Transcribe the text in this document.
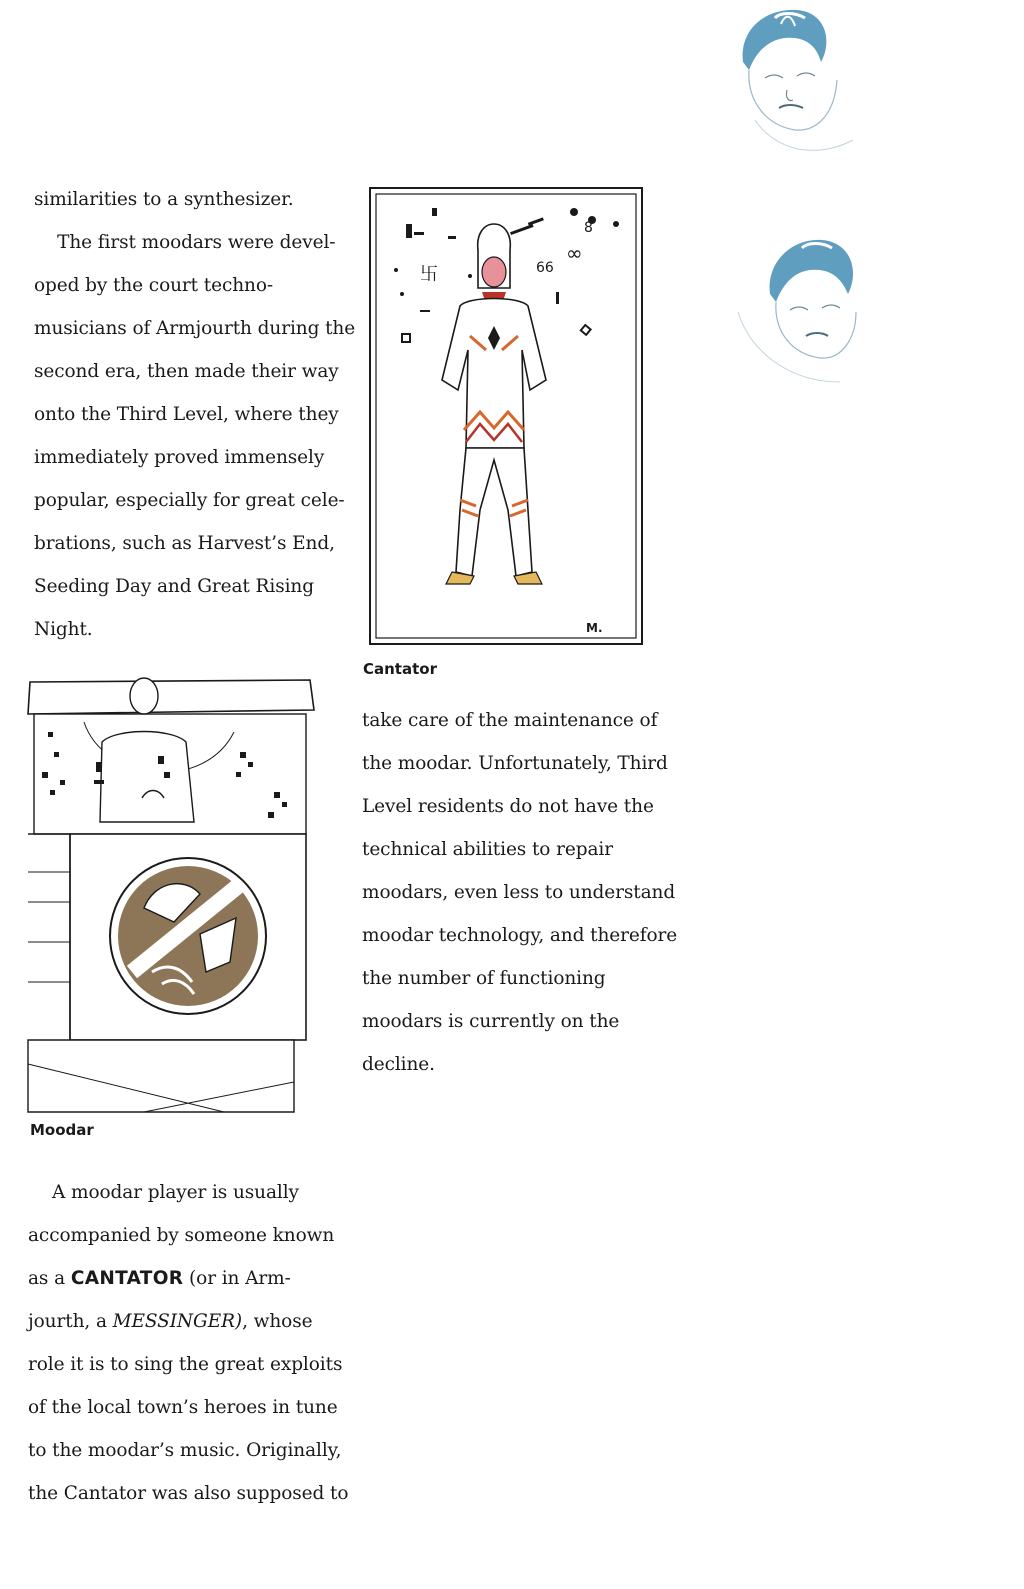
similarities to a synthesizer.

The first moodars were devel-

oped by the court techno-

musicians of Armjourth during the

second era, then made their way

onto the Third Level, where they

immediately proved immensely

popular, especially for great cele-

brations, such as Harvest’s End,

Seeding Day and Great Rising

Night.

66
∞
8
卐
M.
Cantator
Moodar

take care of the maintenance of

the moodar. Unfortunately, Third

Level residents do not have the

technical abilities to repair

moodars, even less to understand

moodar technology, and therefore

the number of functioning

moodars is currently on the

decline.

A moodar player is usually

accompanied by someone known

as a CANTATOR (or in Arm-

jourth, a MESSINGER), whose

role it is to sing the great exploits

of the local town’s heroes in tune

to the moodar’s music. Originally,

the Cantator was also supposed to
